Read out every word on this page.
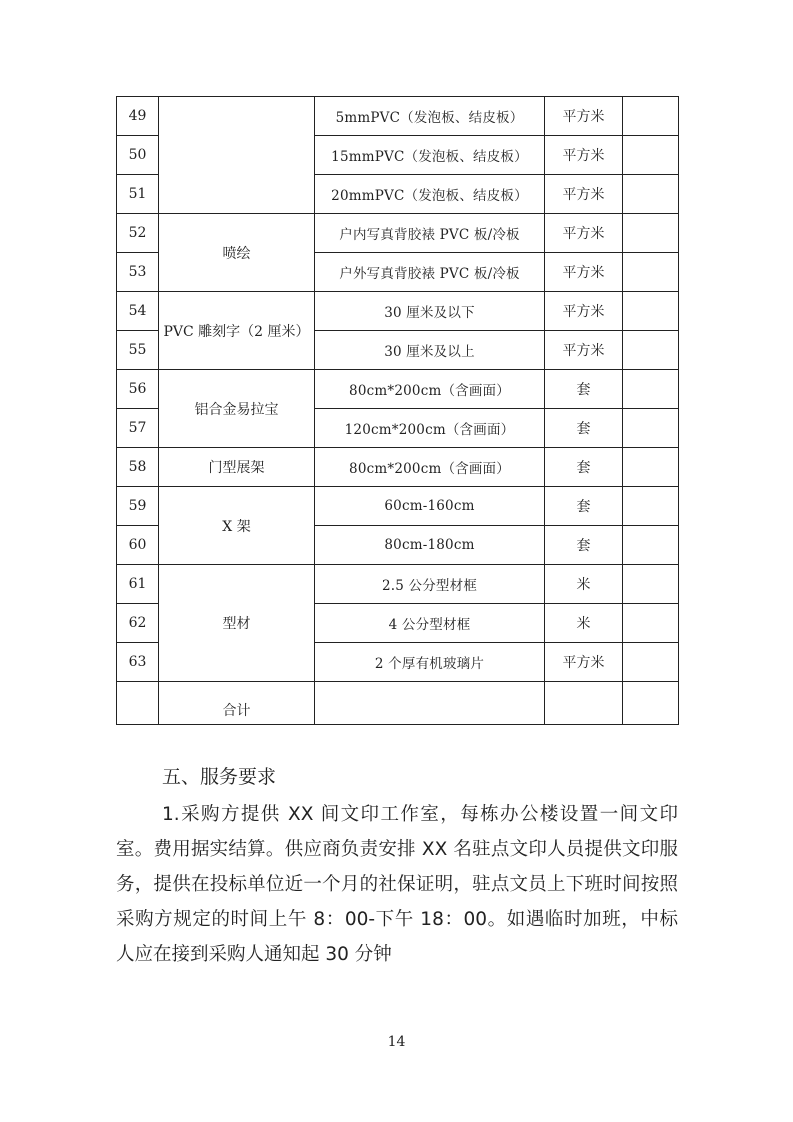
49		5mmPVC（发泡板、结皮板）	平方米	
50		15mmPVC（发泡板、结皮板）	平方米	
51		20mmPVC（发泡板、结皮板）	平方米	
52	喷绘	户内写真背胶裱 PVC 板/冷板	平方米	
53		户外写真背胶裱 PVC 板/冷板	平方米	
54	PVC 雕刻字（2 厘米）	30 厘米及以下	平方米	
55		30 厘米及以上	平方米	
56	铝合金易拉宝	80cm*200cm（含画面）	套	
57		120cm*200cm（含画面）	套	
58	门型展架	80cm*200cm（含画面）	套	
59	X 架	60cm-160cm	套	
60		80cm-180cm	套	
61	型材	2.5 公分型材框	米	
62		4 公分型材框	米	
63		2 个厚有机玻璃片	平方米	
	合计			
五、服务要求

1.采购方提供 XX 间文印工作室，每栋办公楼设置一间文印室。费用据实结算。供应商负责安排 XX 名驻点文印人员提供文印服务，提供在投标单位近一个月的社保证明，驻点文员上下班时间按照采购方规定的时间上午 8：00-下午 18：00。如遇临时加班，中标人应在接到采购人通知起 30 分钟

14
